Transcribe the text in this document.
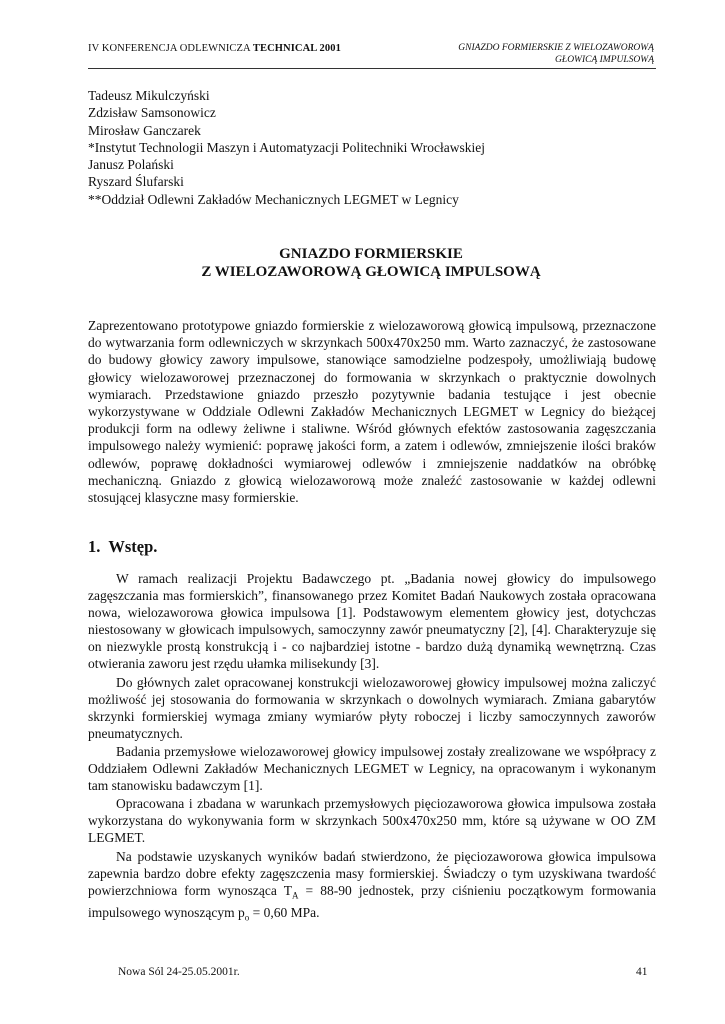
IV KONFERENCJA ODLEWNICZA TECHNICAL 2001	GNIAZDO FORMIERSKIE Z WIELOZAWOROWĄ
GŁOWICĄ IMPULSOWĄ
Tadeusz Mikulczyński
Zdzisław Samsonowicz
Mirosław Ganczarek
*Instytut Technologii Maszyn i Automatyzacji Politechniki Wrocławskiej
Janusz Polański
Ryszard Ślufarski
**Oddział Odlewni Zakładów Mechanicznych LEGMET w Legnicy
GNIAZDO FORMIERSKIE
Z WIELOZAWOROWĄ GŁOWICĄ IMPULSOWĄ
Zaprezentowano prototypowe gniazdo formierskie z wielozaworową głowicą impulsową, przeznaczone do wytwarzania form odlewniczych w skrzynkach 500x470x250 mm. Warto zaznaczyć, że zastosowane do budowy głowicy zawory impulsowe, stanowiące samodzielne podzespoły, umożliwiają budowę głowicy wielozaworowej przeznaczonej do formowania w skrzynkach o praktycznie dowolnych wymiarach. Przedstawione gniazdo przeszło pozytywnie badania testujące i jest obecnie wykorzystywane w Oddziale Odlewni Zakładów Mechanicznych LEGMET w Legnicy do bieżącej produkcji form na odlewy żeliwne i staliwne. Wśród głównych efektów zastosowania zagęszczania impulsowego należy wymienić: poprawę jakości form, a zatem i odlewów, zmniejszenie ilości braków odlewów, poprawę dokładności wymiarowej odlewów i zmniejszenie naddatków na obróbkę mechaniczną. Gniazdo z głowicą wielozaworową może znaleźć zastosowanie w każdej odlewni stosującej klasyczne masy formierskie.
1. Wstęp.

W ramach realizacji Projektu Badawczego pt. „Badania nowej głowicy do impulsowego zagęszczania mas formierskich”, finansowanego przez Komitet Badań Naukowych została opracowana nowa, wielozaworowa głowica impulsowa [1]. Podstawowym elementem głowicy jest, dotychczas niestosowany w głowicach impulsowych, samoczynny zawór pneumatyczny [2], [4]. Charakteryzuje się on niezwykle prostą konstrukcją i - co najbardziej istotne - bardzo dużą dynamiką wewnętrzną. Czas otwierania zaworu jest rzędu ułamka milisekundy [3].

Do głównych zalet opracowanej konstrukcji wielozaworowej głowicy impulsowej można zaliczyć możliwość jej stosowania do formowania w skrzynkach o dowolnych wymiarach. Zmiana gabarytów skrzynki formierskiej wymaga zmiany wymiarów płyty roboczej i liczby samoczynnych zaworów pneumatycznych.

Badania przemysłowe wielozaworowej głowicy impulsowej zostały zrealizowane we współpracy z Oddziałem Odlewni Zakładów Mechanicznych LEGMET w Legnicy, na opracowanym i wykonanym tam stanowisku badawczym [1].

Opracowana i zbadana w warunkach przemysłowych pięciozaworowa głowica impulsowa została wykorzystana do wykonywania form w skrzynkach 500x470x250 mm, które są używane w OO ZM LEGMET.

Na podstawie uzyskanych wyników badań stwierdzono, że pięciozaworowa głowica impulsowa zapewnia bardzo dobre efekty zagęszczenia masy formierskiej. Świadczy o tym uzyskiwana twardość powierzchniowa form wynosząca $T_A = 88-90$ jednostek, przy ciśnieniu początkowym formowania impulsowego wynoszącym $p_o = 0,60$ MPa.

Nowa Sól 24-25.05.2001r.	41
